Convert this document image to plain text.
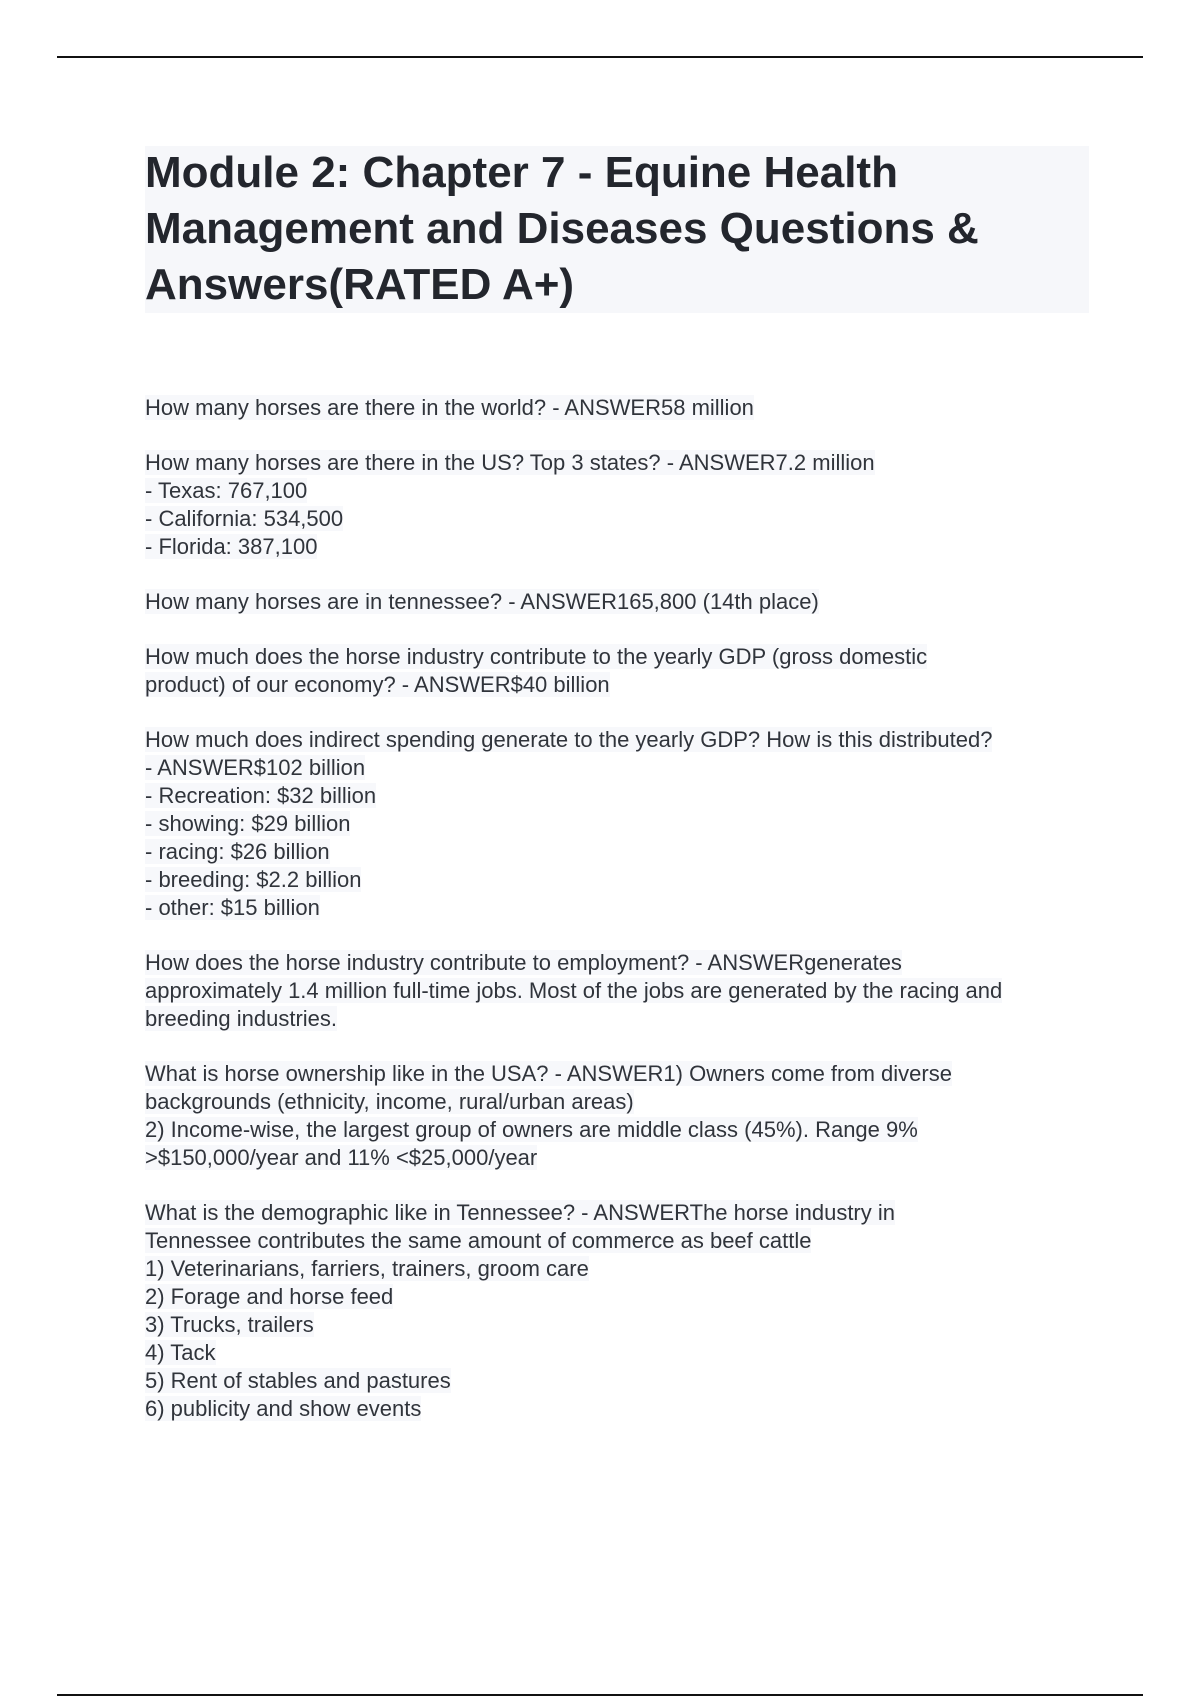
Module 2: Chapter 7 - Equine Health
Management and Diseases Questions &
Answers(RATED A+)
How many horses are there in the world? - ANSWER58 million
How many horses are there in the US? Top 3 states? - ANSWER7.2 million
- Texas: 767,100
- California: 534,500
- Florida: 387,100
How many horses are in tennessee? - ANSWER165,800 (14th place)
How much does the horse industry contribute to the yearly GDP (gross domestic
product) of our economy? - ANSWER$40 billion
How much does indirect spending generate to the yearly GDP? How is this distributed?
- ANSWER$102 billion
- Recreation: $32 billion
- showing: $29 billion
- racing: $26 billion
- breeding: $2.2 billion
- other: $15 billion
How does the horse industry contribute to employment? - ANSWERgenerates
approximately 1.4 million full-time jobs. Most of the jobs are generated by the racing and
breeding industries.
What is horse ownership like in the USA? - ANSWER1) Owners come from diverse
backgrounds (ethnicity, income, rural/urban areas)
2) Income-wise, the largest group of owners are middle class (45%). Range 9%
>$150,000/year and 11% <$25,000/year
What is the demographic like in Tennessee? - ANSWERThe horse industry in
Tennessee contributes the same amount of commerce as beef cattle
1) Veterinarians, farriers, trainers, groom care
2) Forage and horse feed
3) Trucks, trailers
4) Tack
5) Rent of stables and pastures
6) publicity and show events
